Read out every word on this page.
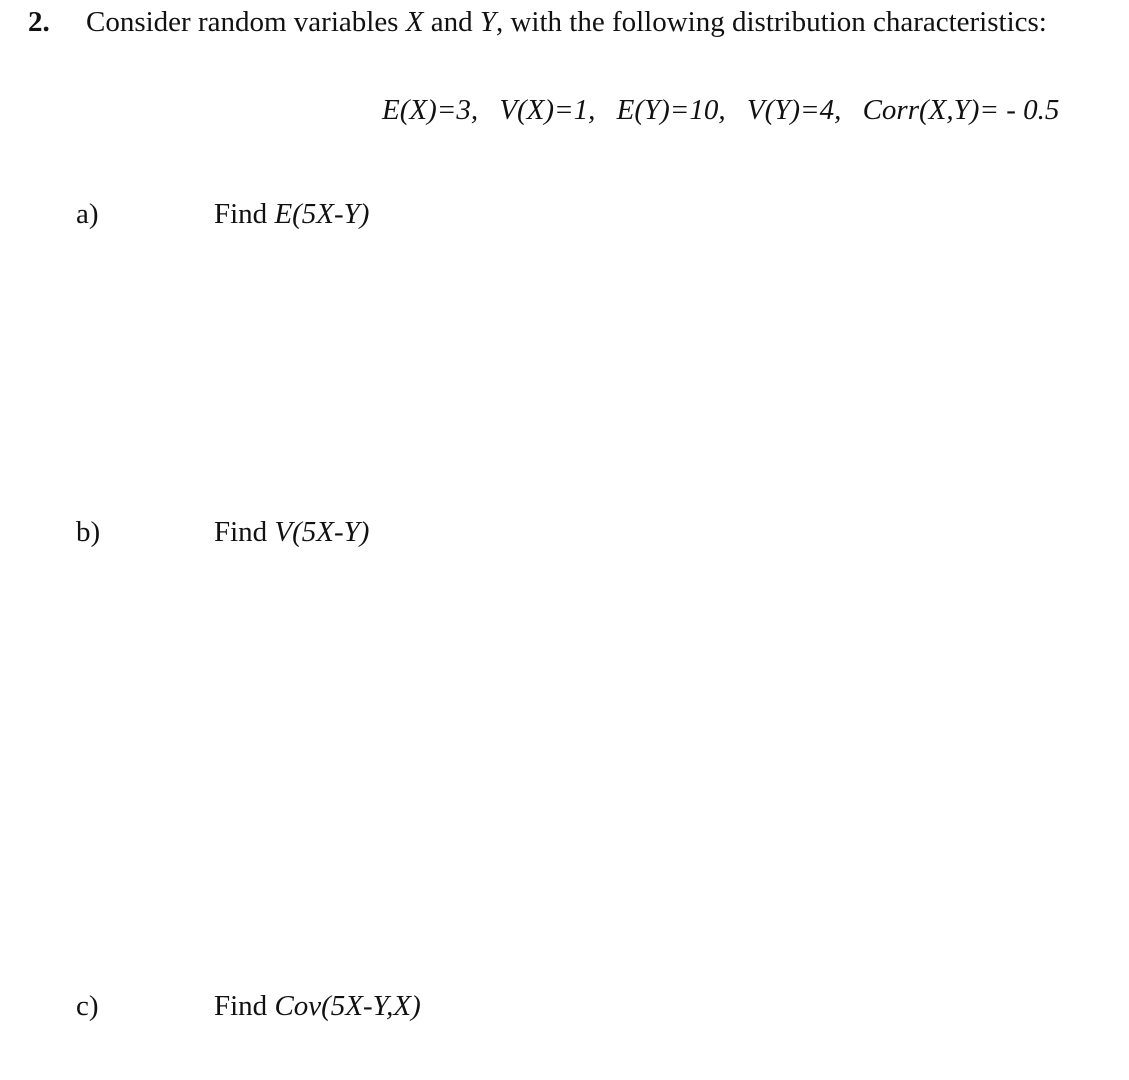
2. Consider random variables X and Y, with the following distribution characteristics:
E(X)=3, V(X)=1, E(Y)=10, V(Y)=4, Corr(X,Y)= - 0.5
a)	Find E(5X-Y)
b)	Find V(5X-Y)
c)	Find Cov(5X-Y,X)
